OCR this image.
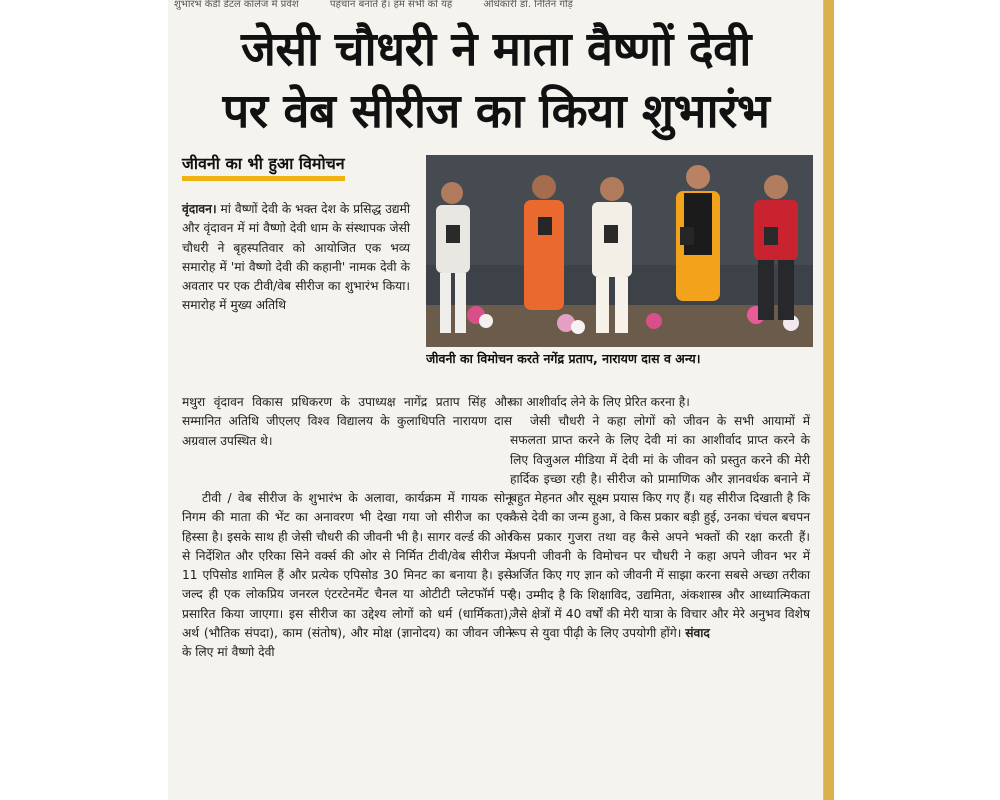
शुभारंभ केडी डेंटल कॉलेज में प्रवेश	पहचान बनाते हैं। हम सभी को यह	अधिकारी डॉ. नितिन गौड़
जेसी चौधरी ने माता वैष्णों देवी
पर वेब सीरीज का किया शुभारंभ
जीवनी का भी हुआ विमोचन
जीवनी का विमोचन करते नगेंद्र प्रताप, नारायण दास व अन्य।

वृंदावन। मां वैष्णों देवी के भक्त देश के प्रसिद्ध उद्यमी और वृंदावन में मां वैष्णो देवी धाम के संस्थापक जेसी चौधरी ने बृहस्पतिवार को आयोजित एक भव्य समारोह में 'मां वैष्णो देवी की कहानी' नामक देवी के अवतार पर एक टीवी/वेब सीरीज का शुभारंभ किया। समारोह में मुख्य अतिथि

मथुरा वृंदावन विकास प्रधिकरण के उपाध्यक्ष नागेंद्र प्रताप सिंह और सम्मानित अतिथि जीएलए विश्व विद्यालय के कुलाधिपति नारायण दास अग्रवाल उपस्थित थे।

टीवी / वेब सीरीज के शुभारंभ के अलावा, कार्यक्रम में गायक सोनू निगम की माता की भेंट का अनावरण भी देखा गया जो सीरीज का एक हिस्सा है। इसके साथ ही जेसी चौधरी की जीवनी भी है। सागर वर्ल्ड की ओर से निर्देशित और एरिका सिने वर्क्स की ओर से निर्मित टीवी/वेब सीरीज में 11 एपिसोड शामिल हैं और प्रत्येक एपिसोड 30 मिनट का बनाया है। इसे जल्द ही एक लोकप्रिय जनरल एंटरटेनमेंट चैनल या ओटीटी प्लेटफॉर्म पर प्रसारित किया जाएगा। इस सीरीज का उद्देश्य लोगों को धर्म (धार्मिकता), अर्थ (भौतिक संपदा), काम (संतोष), और मोक्ष (ज्ञानोदय) का जीवन जीने के लिए मां वैष्णो देवी

का आशीर्वाद लेने के लिए प्रेरित करना है।

जेसी चौधरी ने कहा लोगों को जीवन के सभी आयामों में सफलता प्राप्त करने के लिए देवी मां का आशीर्वाद प्राप्त करने के लिए विजुअल मीडिया में देवी मां के जीवन को प्रस्तुत करने की मेरी हार्दिक इच्छा रही है। सीरीज को प्रामाणिक और ज्ञानवर्धक बनाने में बहुत मेहनत और सूक्ष्म प्रयास किए गए हैं। यह सीरीज दिखाती है कि कैसे देवी का जन्म हुआ, वे किस प्रकार बड़ी हुई, उनका चंचल बचपन किस प्रकार गुजरा तथा वह कैसे अपने भक्तों की रक्षा करती हैं। अपनी जीवनी के विमोचन पर चौधरी ने कहा अपने जीवन भर में अर्जित किए गए ज्ञान को जीवनी में साझा करना सबसे अच्छा तरीका है। उम्मीद है कि शिक्षाविद, उद्यमिता, अंकशास्त्र और आध्यात्मिकता जैसे क्षेत्रों में 40 वर्षों की मेरी यात्रा के विचार और मेरे अनुभव विशेष रूप से युवा पीढ़ी के लिए उपयोगी होंगे। संवाद
